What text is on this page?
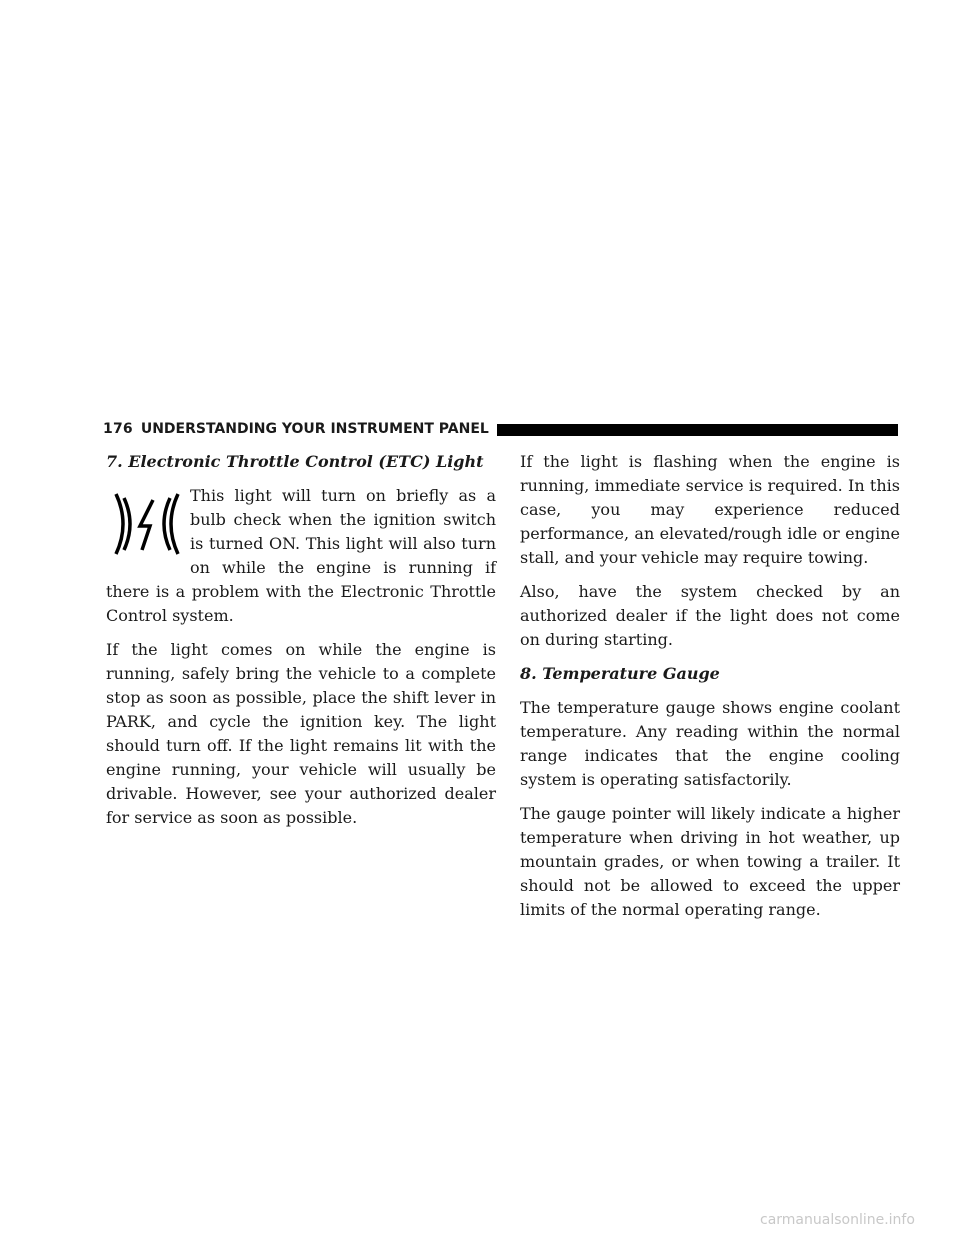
176 UNDERSTANDING YOUR INSTRUMENT PANEL

7. Electronic Throttle Control (ETC) Light

This light will turn on briefly as a bulb check when the ignition switch is turned ON. This light will also turn on while the engine is running if there is a problem with the Electronic Throttle Control system.

If the light comes on while the engine is running, safely bring the vehicle to a complete stop as soon as possible, place the shift lever in PARK, and cycle the ignition key. The light should turn off. If the light remains lit with the engine running, your vehicle will usually be drivable. However, see your authorized dealer for service as soon as possible.

If the light is flashing when the engine is running, immediate service is required. In this case, you may experience reduced performance, an elevated/rough idle or engine stall, and your vehicle may require towing.

Also, have the system checked by an authorized dealer if the light does not come on during starting.

8. Temperature Gauge

The temperature gauge shows engine coolant temperature. Any reading within the normal range indicates that the engine cooling system is operating satisfactorily.

The gauge pointer will likely indicate a higher temperature when driving in hot weather, up mountain grades, or when towing a trailer. It should not be allowed to exceed the upper limits of the normal operating range.

carmanualsonline.info
